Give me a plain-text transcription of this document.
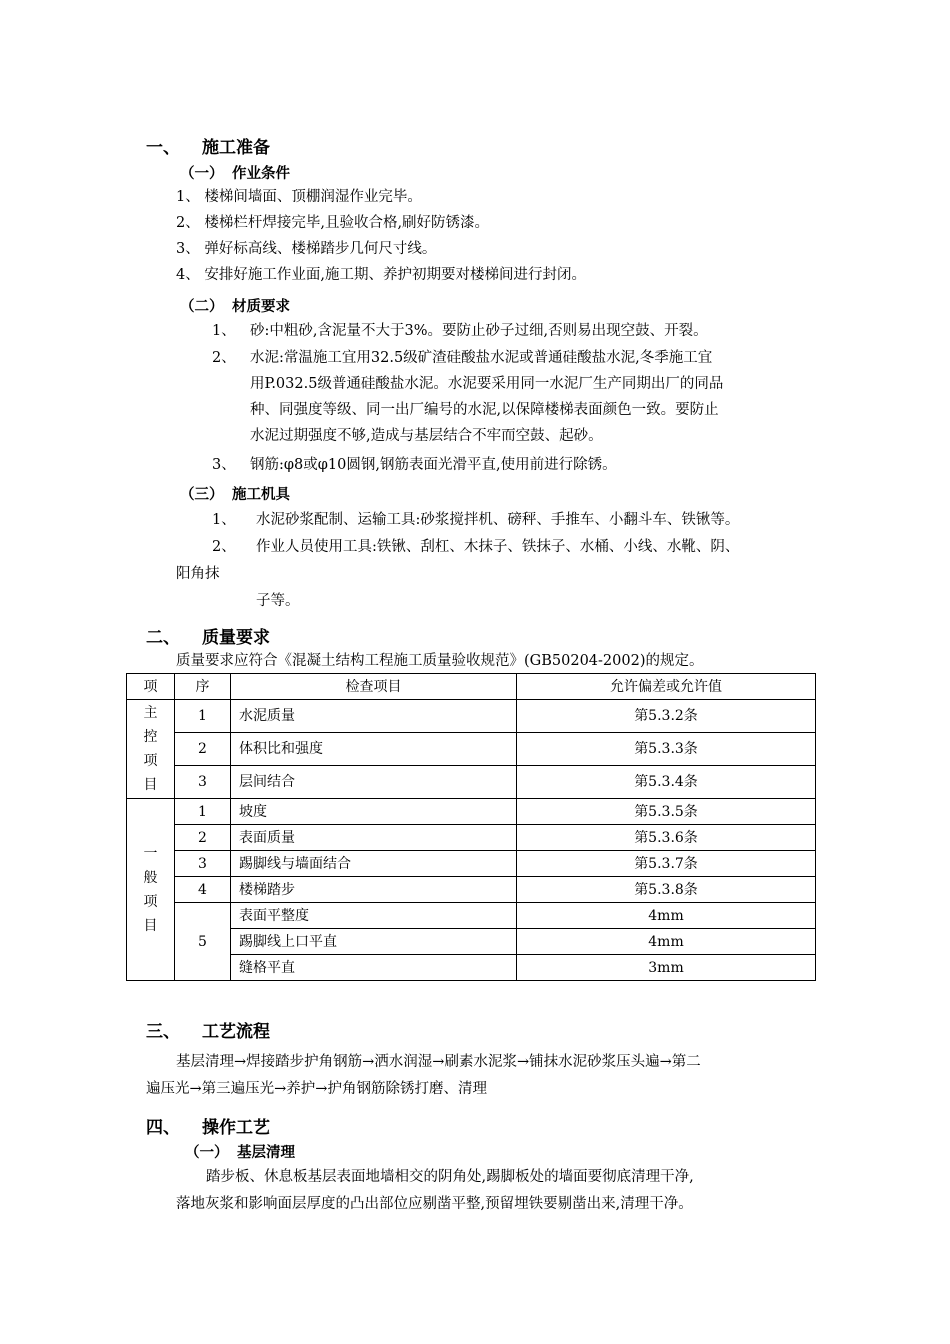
一、 施工准备
（一） 作业条件
1、 楼梯间墙面、顶棚润湿作业完毕。
2、 楼梯栏杆焊接完毕,且验收合格,刷好防锈漆。
3、 弹好标高线、楼梯踏步几何尺寸线。
4、 安排好施工作业面,施工期、养护初期要对楼梯间进行封闭。
（二） 材质要求
1、 砂:中粗砂,含泥量不大于3%。要防止砂子过细,否则易出现空鼓、开裂。
2、 水泥:常温施工宜用32.5级矿渣硅酸盐水泥或普通硅酸盐水泥,冬季施工宜
用P.032.5级普通硅酸盐水泥。水泥要采用同一水泥厂生产同期出厂的同品
种、同强度等级、同一出厂编号的水泥,以保障楼梯表面颜色一致。要防止
水泥过期强度不够,造成与基层结合不牢而空鼓、起砂。
3、 钢筋:φ8或φ10圆钢,钢筋表面光滑平直,使用前进行除锈。
（三） 施工机具
1、 水泥砂浆配制、运输工具:砂浆搅拌机、磅秤、手推车、小翻斗车、铁锹等。
2、 作业人员使用工具:铁锹、刮杠、木抹子、铁抹子、水桶、小线、水靴、阴、
阳角抹
子等。
二、 质量要求
质量要求应符合《混凝土结构工程施工质量验收规范》(GB50204-2002)的规定。
项	序	检查项目	允许偏差或允许值

主
控
项
目	1	水泥质量	第5.3.2条
	2	体积比和强度	第5.3.3条
	3	层间结合	第5.3.4条

一
般
项
目	1	坡度	第5.3.5条
	2	表面质量	第5.3.6条
	3	踢脚线与墙面结合	第5.3.7条
	4	楼梯踏步	第5.3.8条
	5	表面平整度	4mm
		踢脚线上口平直	4mm
		缝格平直	3mm
三、 工艺流程
基层清理→焊接踏步护角钢筋→洒水润湿→刷素水泥浆→铺抹水泥砂浆压头遍→第二
遍压光→第三遍压光→养护→护角钢筋除锈打磨、清理
四、 操作工艺
（一） 基层清理
踏步板、休息板基层表面地墙相交的阴角处,踢脚板处的墙面要彻底清理干净,
落地灰浆和影响面层厚度的凸出部位应剔凿平整,预留埋铁要剔凿出来,清理干净。
